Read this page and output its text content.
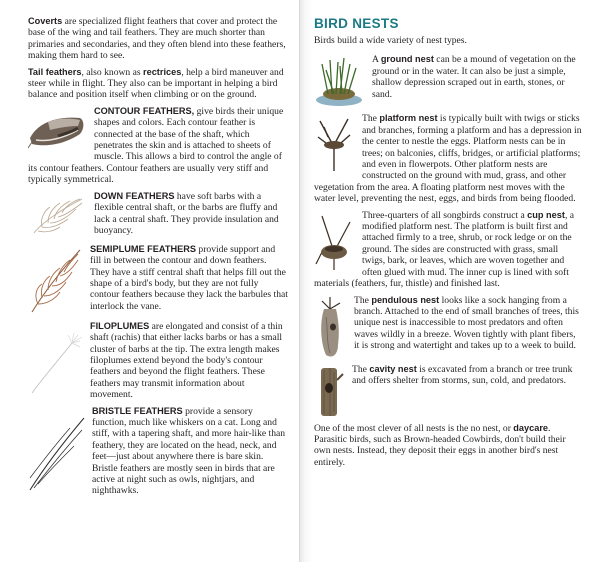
Coverts are specialized flight feathers that cover and protect the base of the wing and tail feathers. They are much shorter than primaries and secondaries, and they often blend into these feathers, making them hard to see.

Tail feathers, also known as rectrices, help a bird maneuver and steer while in flight. They also can be important in helping a bird balance and position itself when climbing or on the ground.

CONTOUR FEATHERS, give birds their unique shapes and colors. Each contour feather is connected at the base of the shaft, which penetrates the skin and is attached to sheets of muscle. This allows a bird to control the angle of its contour feathers. Contour feathers are usually very stiff and typically symmetrical.

DOWN FEATHERS have soft barbs with a flexible central shaft, or the barbs are fluffy and lack a central shaft. They provide insulation and buoyancy.

SEMIPLUME FEATHERS provide support and fill in between the contour and down feathers. They have a stiff central shaft that helps fill out the shape of a bird's body, but they are not fully contour feathers because they lack the barbules that interlock the vane.

FILOPLUMES are elongated and consist of a thin shaft (rachis) that either lacks barbs or has a small cluster of barbs at the tip. The extra length makes filoplumes extend beyond the body's contour feathers and beyond the flight feathers. These feathers may transmit information about movement.

BRISTLE FEATHERS provide a sensory function, much like whiskers on a cat. Long and stiff, with a tapering shaft, and more hair-like than feathery, they are located on the head, neck, and feet—just about anywhere there is bare skin. Bristle feathers are mostly seen in birds that are active at night such as owls, nightjars, and nighthawks.

BIRD NESTS

Birds build a wide variety of nest types.

A ground nest can be a mound of vegetation on the ground or in the water. It can also be just a simple, shallow depression scraped out in earth, stones, or sand.

The platform nest is typically built with twigs or sticks and branches, forming a platform and has a depression in the center to nestle the eggs. Platform nests can be in trees; on balconies, cliffs, bridges, or artificial platforms; and even in flowerpots. Other platform nests are constructed on the ground with mud, grass, and other vegetation from the area. A floating platform nest moves with the water level, preventing the nest, eggs, and birds from being flooded.

Three-quarters of all songbirds construct a cup nest, a modified platform nest. The platform is built first and attached firmly to a tree, shrub, or rock ledge or on the ground. The sides are constructed with grass, small twigs, bark, or leaves, which are woven together and often glued with mud. The inner cup is lined with soft materials (feathers, fur, thistle) and finished last.

The pendulous nest looks like a sock hanging from a branch. Attached to the end of small branches of trees, this unique nest is inaccessible to most predators and often waves wildly in a breeze. Woven tightly with plant fibers, it is strong and watertight and takes up to a week to build.

The cavity nest is excavated from a branch or tree trunk and offers shelter from storms, sun, cold, and predators.

One of the most clever of all nests is the no nest, or daycare. Parasitic birds, such as Brown-headed Cowbirds, don't build their own nests. Instead, they deposit their eggs in another bird's nest entirely.
